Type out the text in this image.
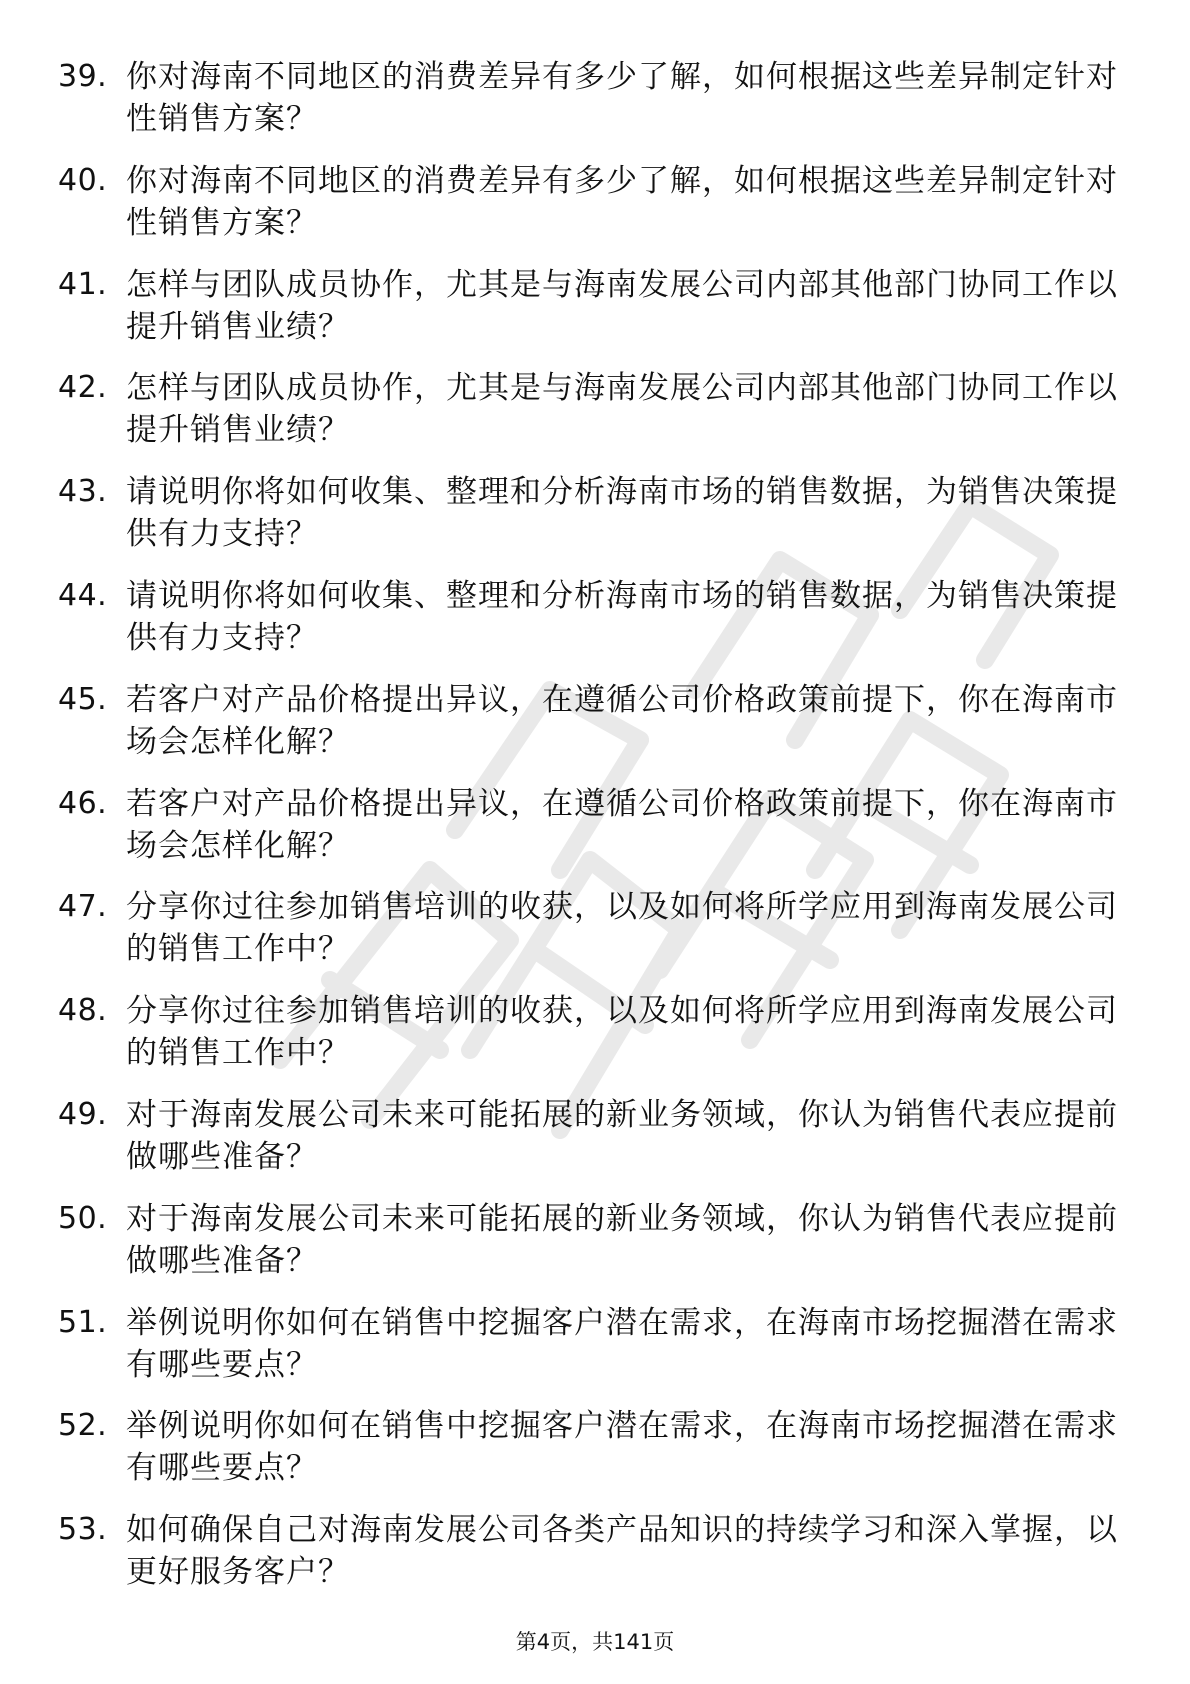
39. 你对海南不同地区的消费差异有多少了解，如何根据这些差异制定针对性销售方案？
40. 你对海南不同地区的消费差异有多少了解，如何根据这些差异制定针对性销售方案？
41. 怎样与团队成员协作，尤其是与海南发展公司内部其他部门协同工作以提升销售业绩？
42. 怎样与团队成员协作，尤其是与海南发展公司内部其他部门协同工作以提升销售业绩？
43. 请说明你将如何收集、整理和分析海南市场的销售数据，为销售决策提供有力支持？
44. 请说明你将如何收集、整理和分析海南市场的销售数据，为销售决策提供有力支持？
45. 若客户对产品价格提出异议，在遵循公司价格政策前提下，你在海南市场会怎样化解？
46. 若客户对产品价格提出异议，在遵循公司价格政策前提下，你在海南市场会怎样化解？
47. 分享你过往参加销售培训的收获，以及如何将所学应用到海南发展公司的销售工作中？
48. 分享你过往参加销售培训的收获，以及如何将所学应用到海南发展公司的销售工作中？
49. 对于海南发展公司未来可能拓展的新业务领域，你认为销售代表应提前做哪些准备？
50. 对于海南发展公司未来可能拓展的新业务领域，你认为销售代表应提前做哪些准备？
51. 举例说明你如何在销售中挖掘客户潜在需求，在海南市场挖掘潜在需求有哪些要点？
52. 举例说明你如何在销售中挖掘客户潜在需求，在海南市场挖掘潜在需求有哪些要点？
53. 如何确保自己对海南发展公司各类产品知识的持续学习和深入掌握，以更好服务客户？
第4页，共141页
